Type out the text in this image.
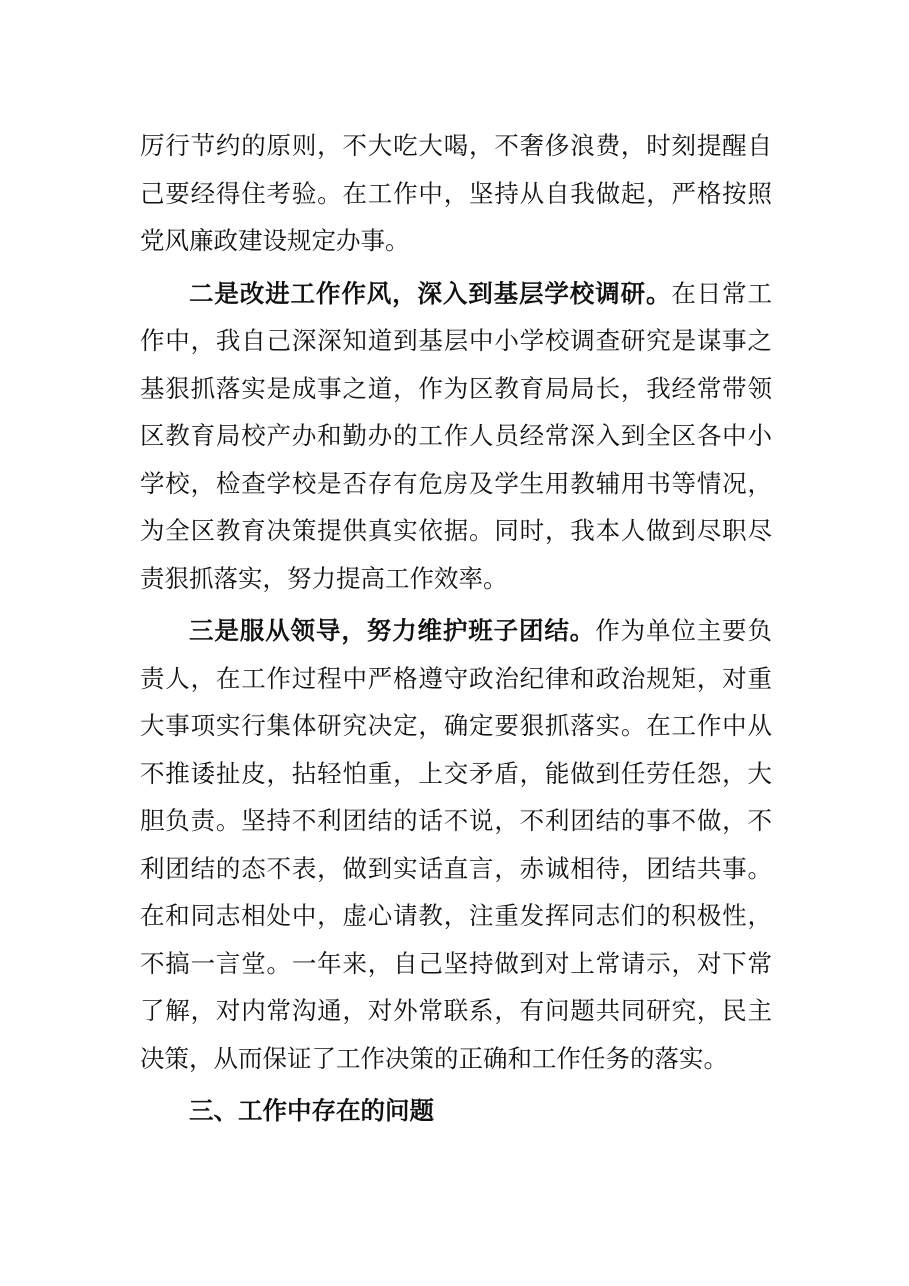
厉行节约的原则，不大吃大喝，不奢侈浪费，时刻提醒自己要经得住考验。在工作中，坚持从自我做起，严格按照党风廉政建设规定办事。

二是改进工作作风，深入到基层学校调研。在日常工作中，我自己深深知道到基层中小学校调查研究是谋事之基狠抓落实是成事之道，作为区教育局局长，我经常带领区教育局校产办和勤办的工作人员经常深入到全区各中小学校，检查学校是否存有危房及学生用教辅用书等情况，为全区教育决策提供真实依据。同时，我本人做到尽职尽责狠抓落实，努力提高工作效率。

三是服从领导，努力维护班子团结。作为单位主要负责人，在工作过程中严格遵守政治纪律和政治规矩，对重大事项实行集体研究决定，确定要狠抓落实。在工作中从不推诿扯皮，拈轻怕重，上交矛盾，能做到任劳任怨，大胆负责。坚持不利团结的话不说，不利团结的事不做，不利团结的态不表，做到实话直言，赤诚相待，团结共事。在和同志相处中，虚心请教，注重发挥同志们的积极性，不搞一言堂。一年来，自己坚持做到对上常请示，对下常了解，对内常沟通，对外常联系，有问题共同研究，民主决策，从而保证了工作决策的正确和工作任务的落实。

三、工作中存在的问题
